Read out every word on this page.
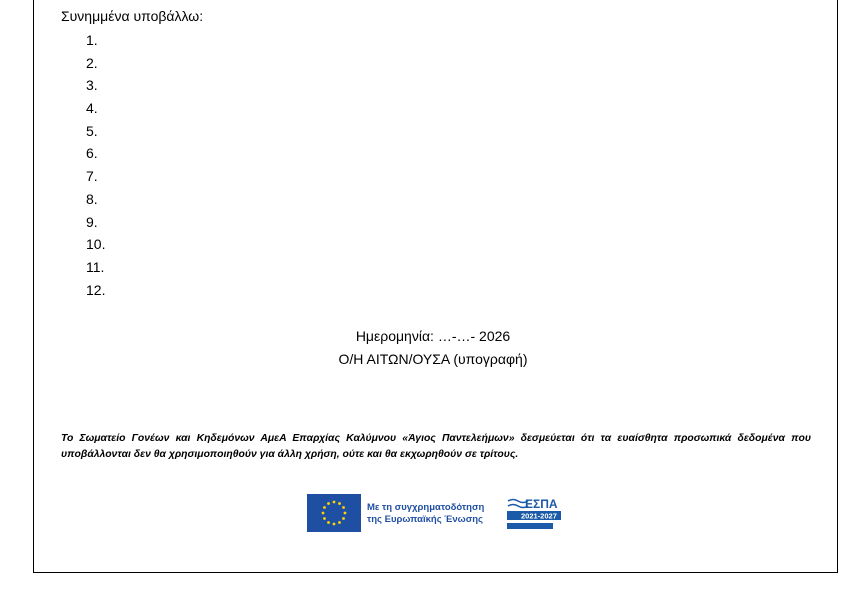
Συνημμένα υποβάλλω:
1.
2.
3.
4.
5.
6.
7.
8.
9.
10.
11.
12.
Ημερομηνία: …-…- 2026
Ο/Η ΑΙΤΩΝ/ΟΥΣΑ (υπογραφή)
Το Σωματείο Γονέων και Κηδεμόνων ΑμεΑ Επαρχίας Καλύμνου «Άγιος Παντελεήμων» δεσμεύεται ότι τα ευαίσθητα προσωπικά δεδομένα που υποβάλλονται δεν θα χρησιμοποιηθούν για άλλη χρήση, ούτε και θα εκχωρηθούν σε τρίτους.
Με τη συγχρηματοδότηση
της Ευρωπαϊκής Ένωσης
ΕΣΠΑ
2021-2027
